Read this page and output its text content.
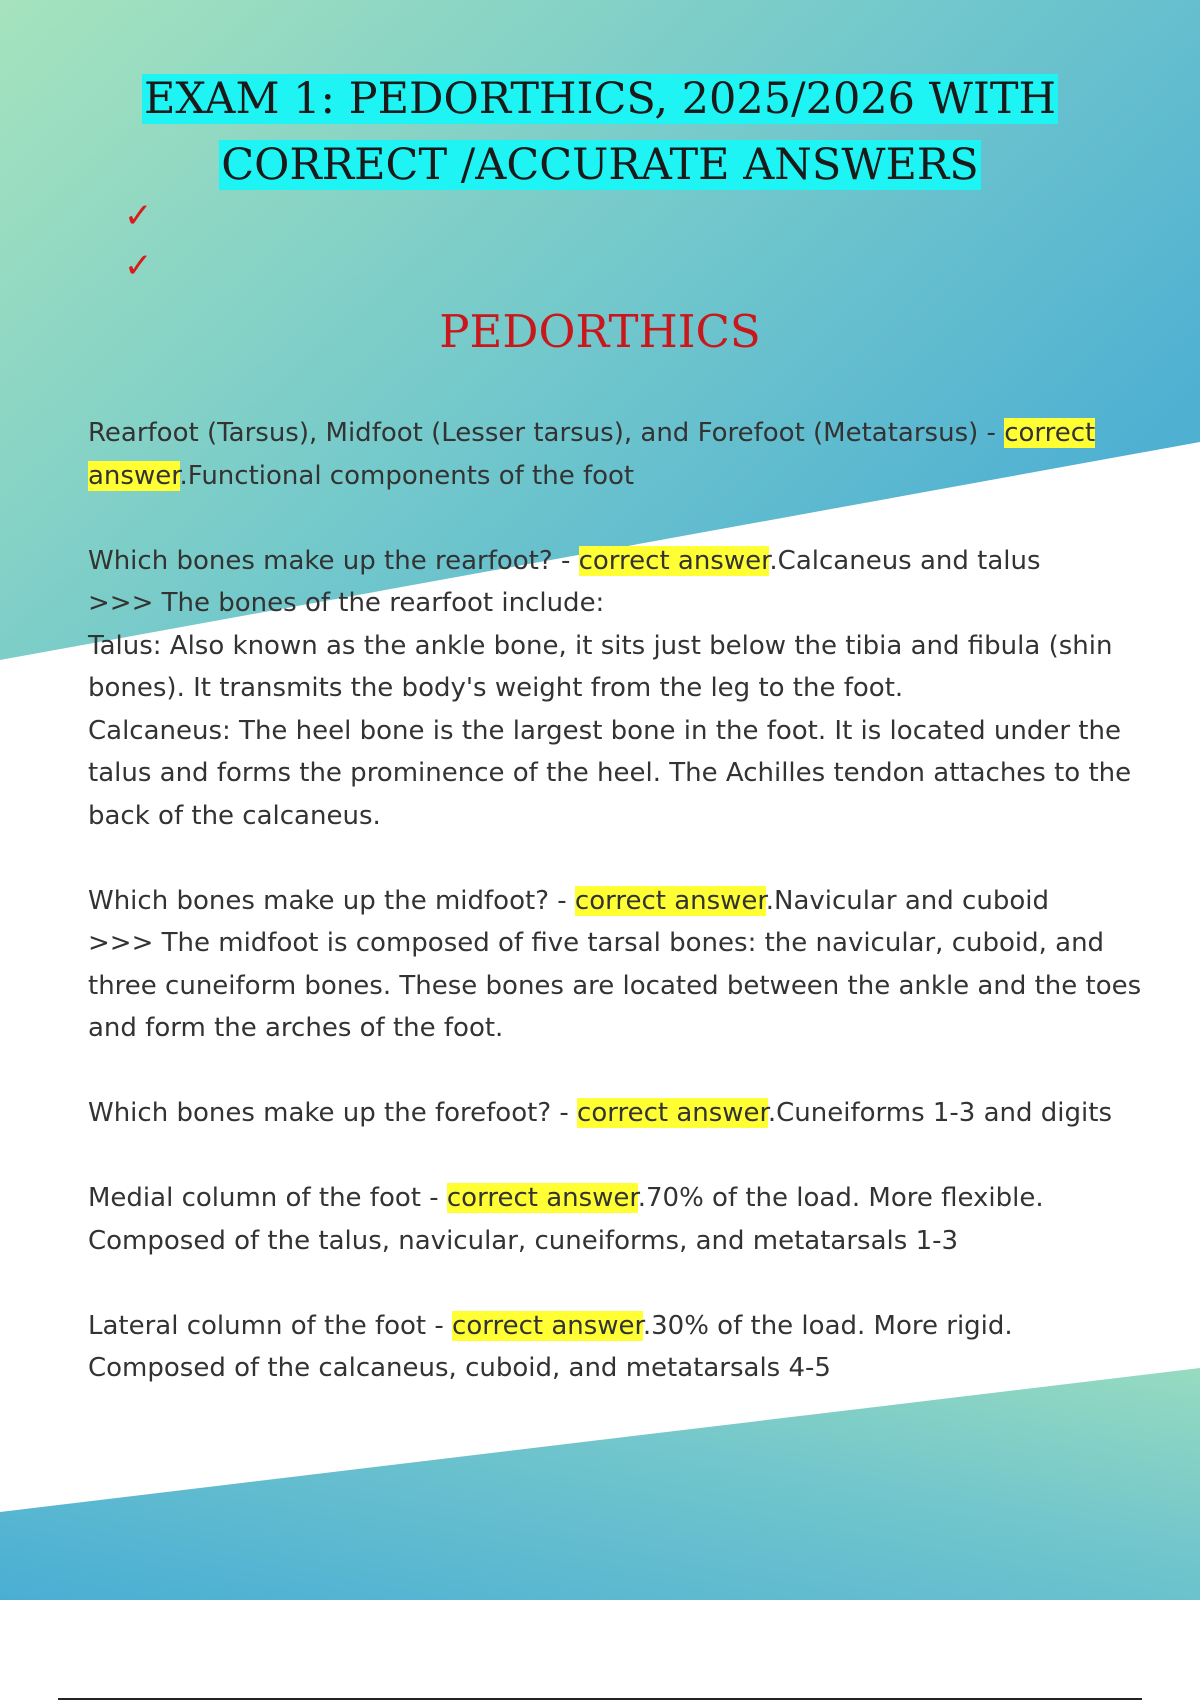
EXAM 1: PEDORTHICS, 2025/2026 WITH
CORRECT /ACCURATE ANSWERS
✓
✓
PEDORTHICS

Rearfoot (Tarsus), Midfoot (Lesser tarsus), and Forefoot (Metatarsus) - correct answer.Functional components of the foot

Which bones make up the rearfoot? - correct answer.Calcaneus and talus
>>> The bones of the rearfoot include:
Talus: Also known as the ankle bone, it sits just below the tibia and fibula (shin bones). It transmits the body's weight from the leg to the foot.
Calcaneus: The heel bone is the largest bone in the foot. It is located under the talus and forms the prominence of the heel. The Achilles tendon attaches to the back of the calcaneus.

Which bones make up the midfoot? - correct answer.Navicular and cuboid
>>> The midfoot is composed of five tarsal bones: the navicular, cuboid, and three cuneiform bones. These bones are located between the ankle and the toes and form the arches of the foot.

Which bones make up the forefoot? - correct answer.Cuneiforms 1-3 and digits

Medial column of the foot - correct answer.70% of the load. More flexible.
Composed of the talus, navicular, cuneiforms, and metatarsals 1-3

Lateral column of the foot - correct answer.30% of the load. More rigid.
Composed of the calcaneus, cuboid, and metatarsals 4-5
